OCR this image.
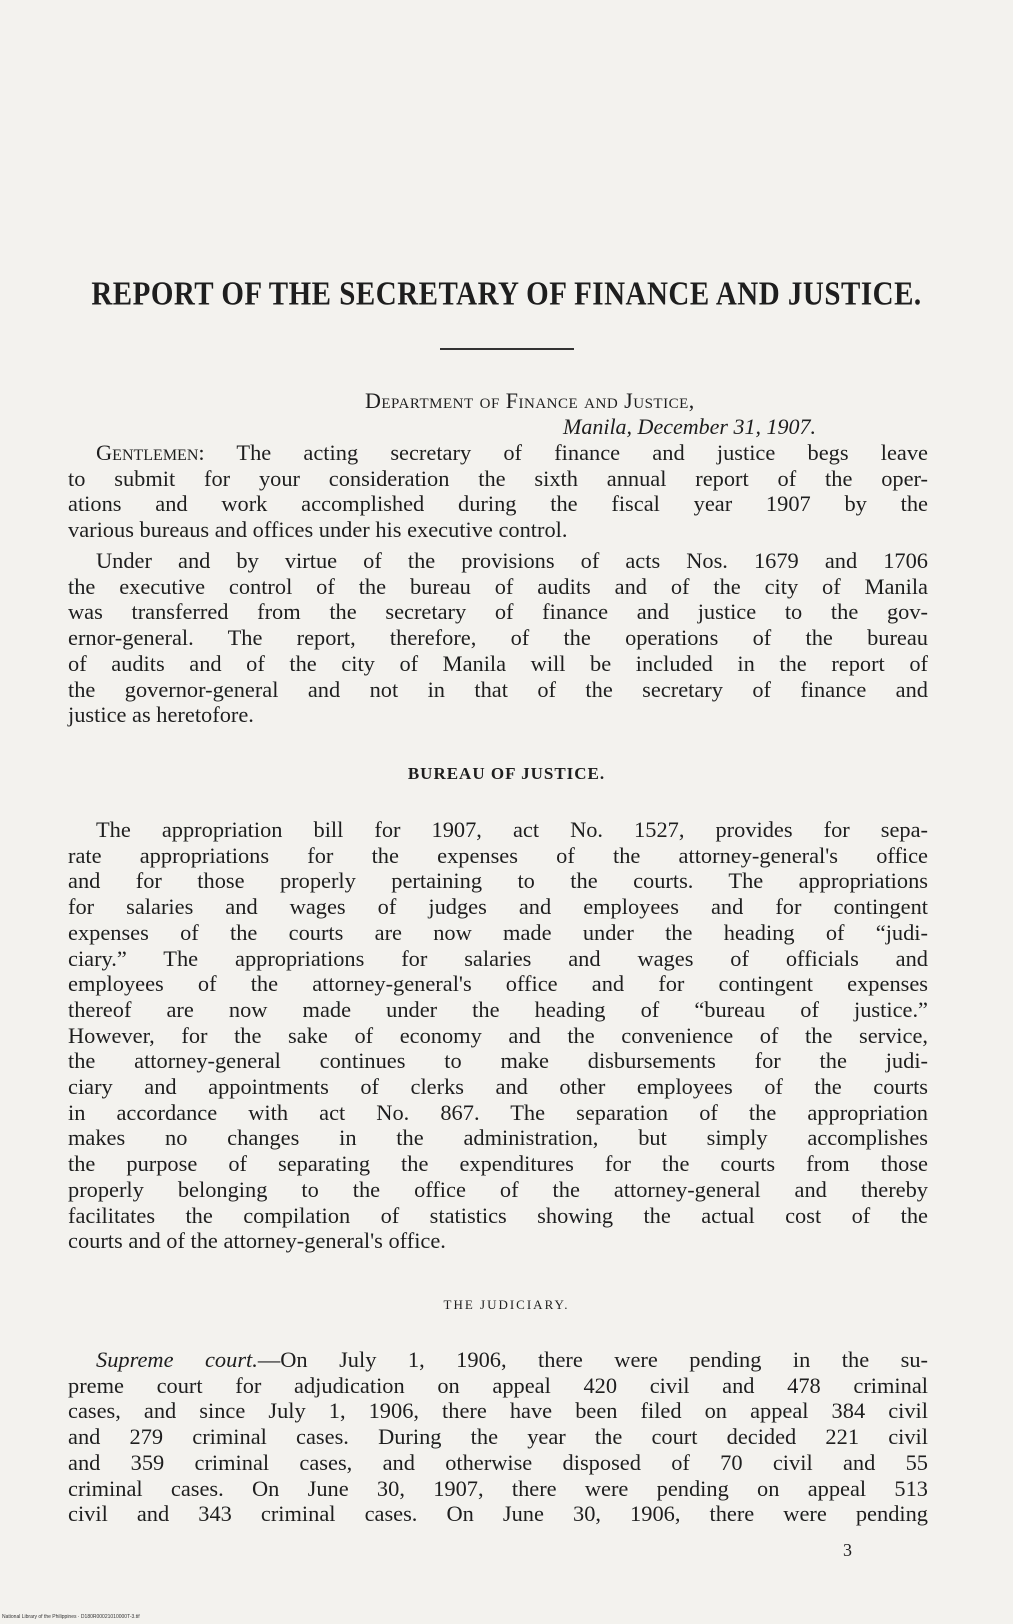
REPORT OF THE SECRETARY OF FINANCE AND JUSTICE.
Department of Finance and Justice,
Manila, December 31, 1907.
Gentlemen: The acting secretary of finance and justice begs leave
to submit for your consideration the sixth annual report of the oper-
ations and work accomplished during the fiscal year 1907 by the
various bureaus and offices under his executive control.
Under and by virtue of the provisions of acts Nos. 1679 and 1706
the executive control of the bureau of audits and of the city of Manila
was transferred from the secretary of finance and justice to the gov-
ernor-general. The report, therefore, of the operations of the bureau
of audits and of the city of Manila will be included in the report of
the governor-general and not in that of the secretary of finance and
justice as heretofore.
BUREAU OF JUSTICE.
The appropriation bill for 1907, act No. 1527, provides for sepa-
rate appropriations for the expenses of the attorney-general's office
and for those properly pertaining to the courts. The appropriations
for salaries and wages of judges and employees and for contingent
expenses of the courts are now made under the heading of “judi-
ciary.” The appropriations for salaries and wages of officials and
employees of the attorney-general's office and for contingent expenses
thereof are now made under the heading of “bureau of justice.”
However, for the sake of economy and the convenience of the service,
the attorney-general continues to make disbursements for the judi-
ciary and appointments of clerks and other employees of the courts
in accordance with act No. 867. The separation of the appropriation
makes no changes in the administration, but simply accomplishes
the purpose of separating the expenditures for the courts from those
properly belonging to the office of the attorney-general and thereby
facilitates the compilation of statistics showing the actual cost of the
courts and of the attorney-general's office.
THE JUDICIARY.
Supreme court.—On July 1, 1906, there were pending in the su-
preme court for adjudication on appeal 420 civil and 478 criminal
cases, and since July 1, 1906, there have been filed on appeal 384 civil
and 279 criminal cases. During the year the court decided 221 civil
and 359 criminal cases, and otherwise disposed of 70 civil and 55
criminal cases. On June 30, 1907, there were pending on appeal 513
civil and 343 criminal cases. On June 30, 1906, there were pending
3
National Library of the Philippines · D180R00021010000T-3.tif
